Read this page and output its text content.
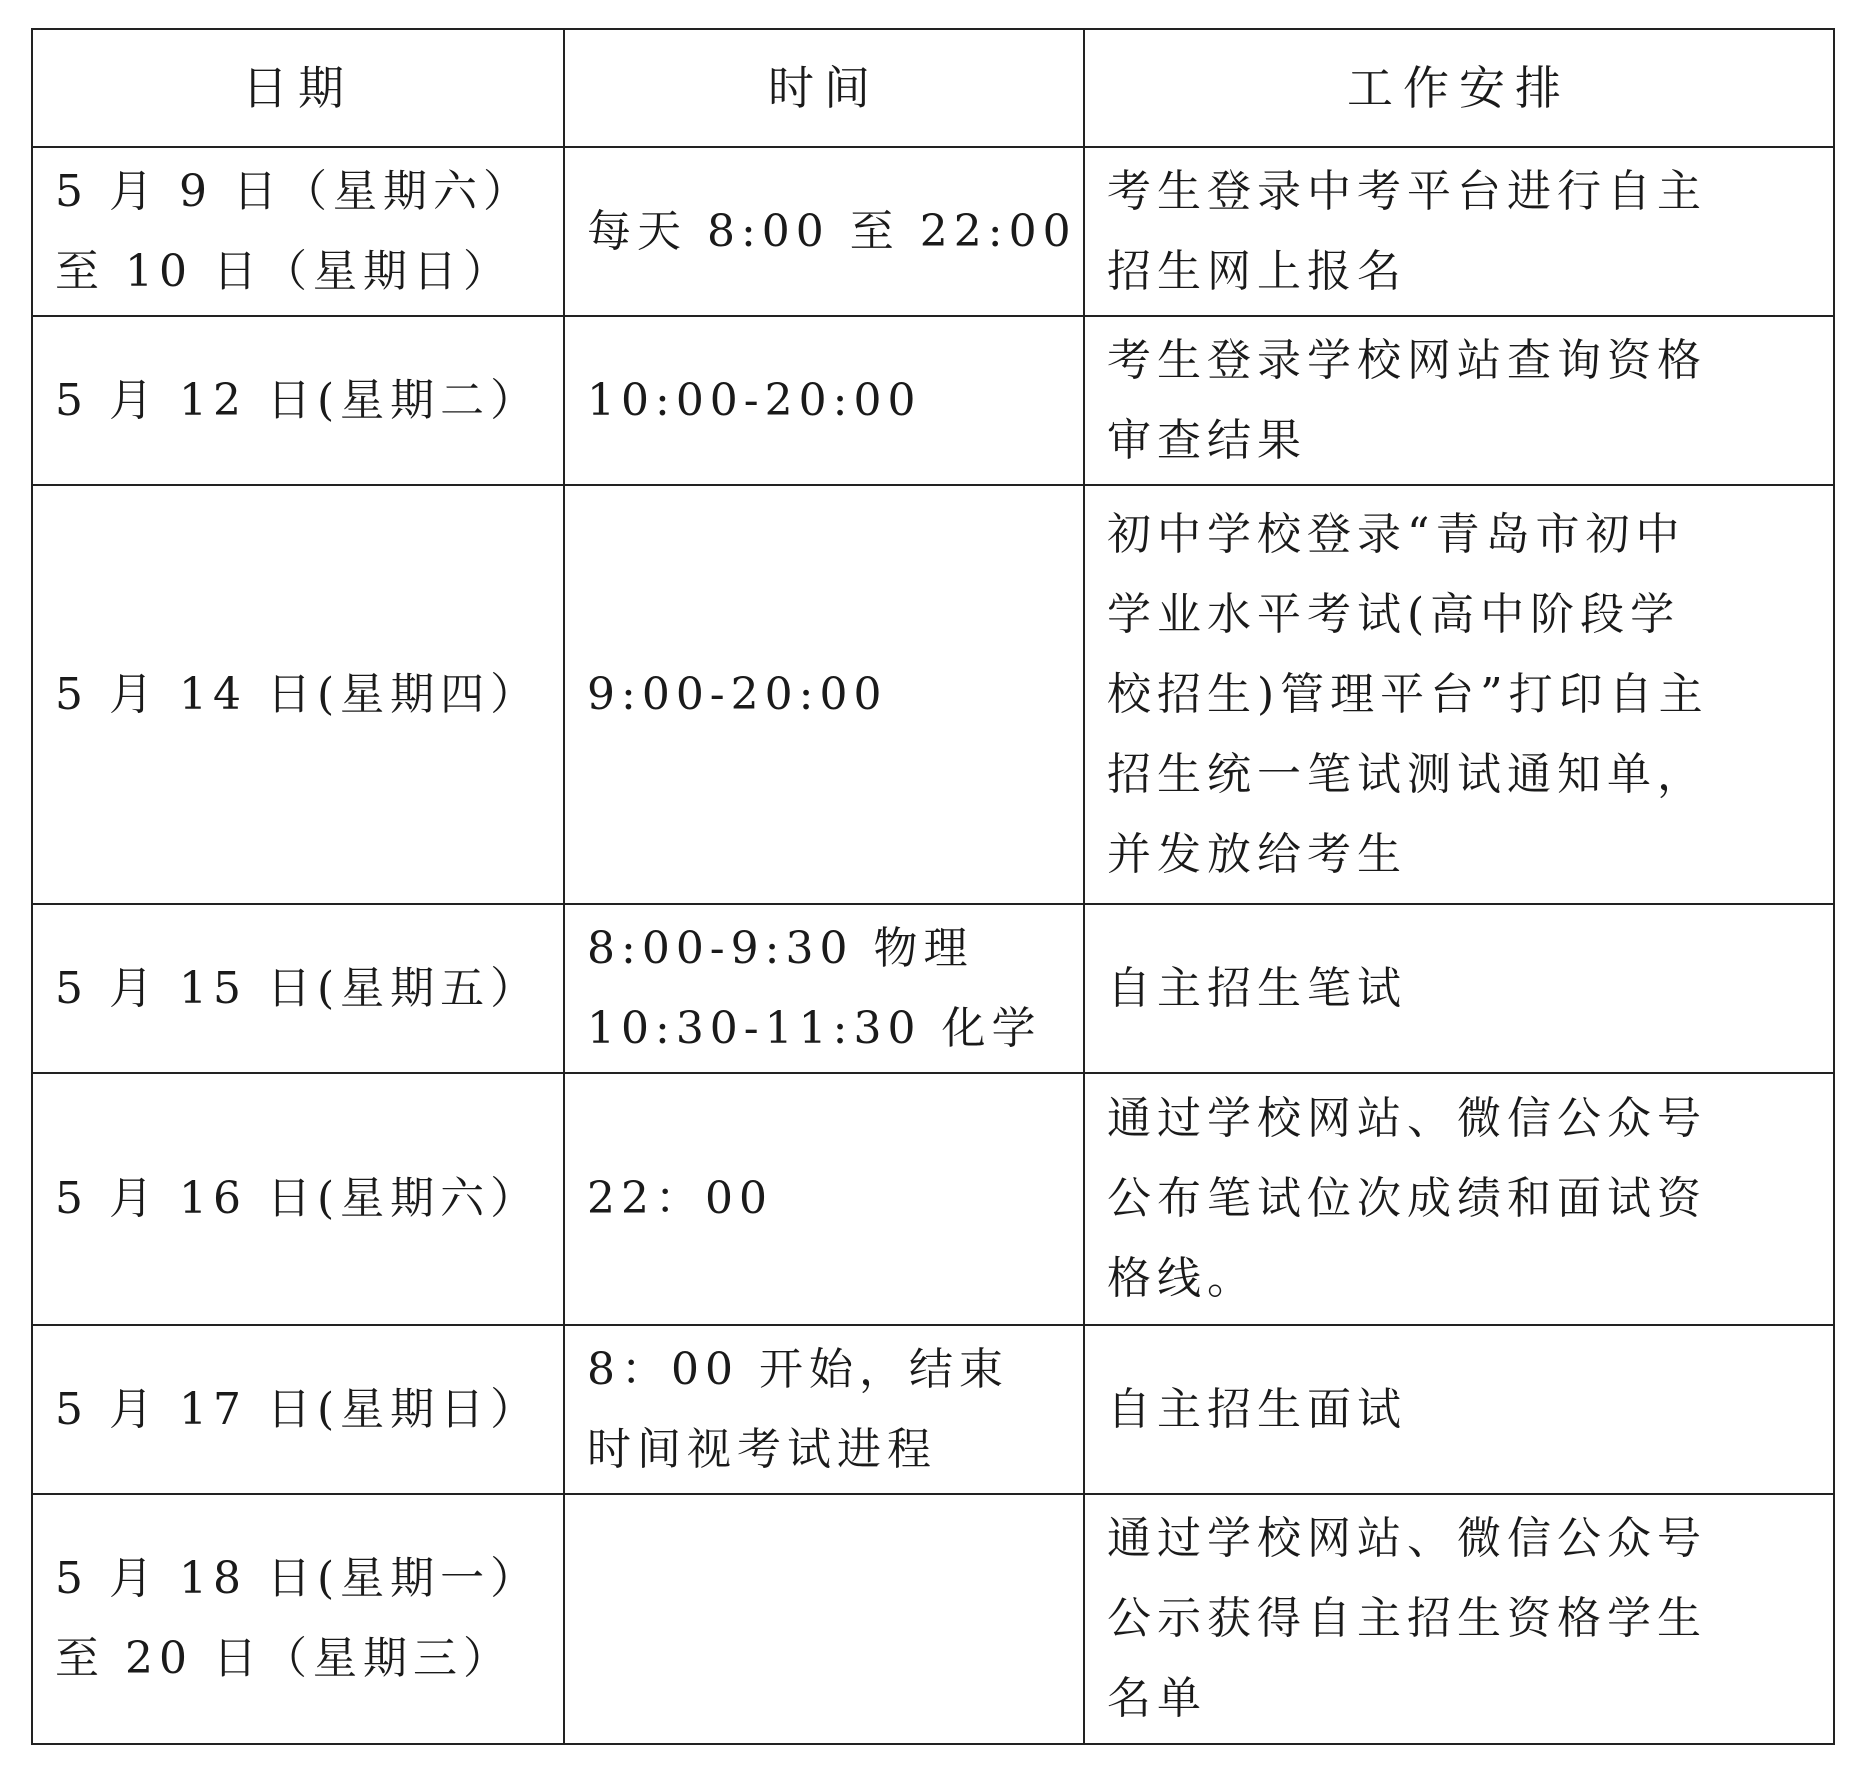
日期	时间	工作安排

5 月 9 日（星期六）
至 10 日（星期日）	每天 8:00 至 22:00	考生登录中考平台进行自主
招生网上报名

5 月 12 日(星期二）	10:00-20:00	考生登录学校网站查询资格
审查结果

5 月 14 日(星期四）	9:00-20:00	初中学校登录“青岛市初中
学业水平考试(高中阶段学
校招生)管理平台”打印自主
招生统一笔试测试通知单，
并发放给考生

5 月 15 日(星期五）	8:00-9:30 物理
10:30-11:30 化学	自主招生笔试

5 月 16 日(星期六）	22：00	通过学校网站、微信公众号
公布笔试位次成绩和面试资
格线。

5 月 17 日(星期日）	8：00 开始，结束
时间视考试进程	自主招生面试

5 月 18 日(星期一）
至 20 日（星期三）		通过学校网站、微信公众号
公示获得自主招生资格学生
名单
